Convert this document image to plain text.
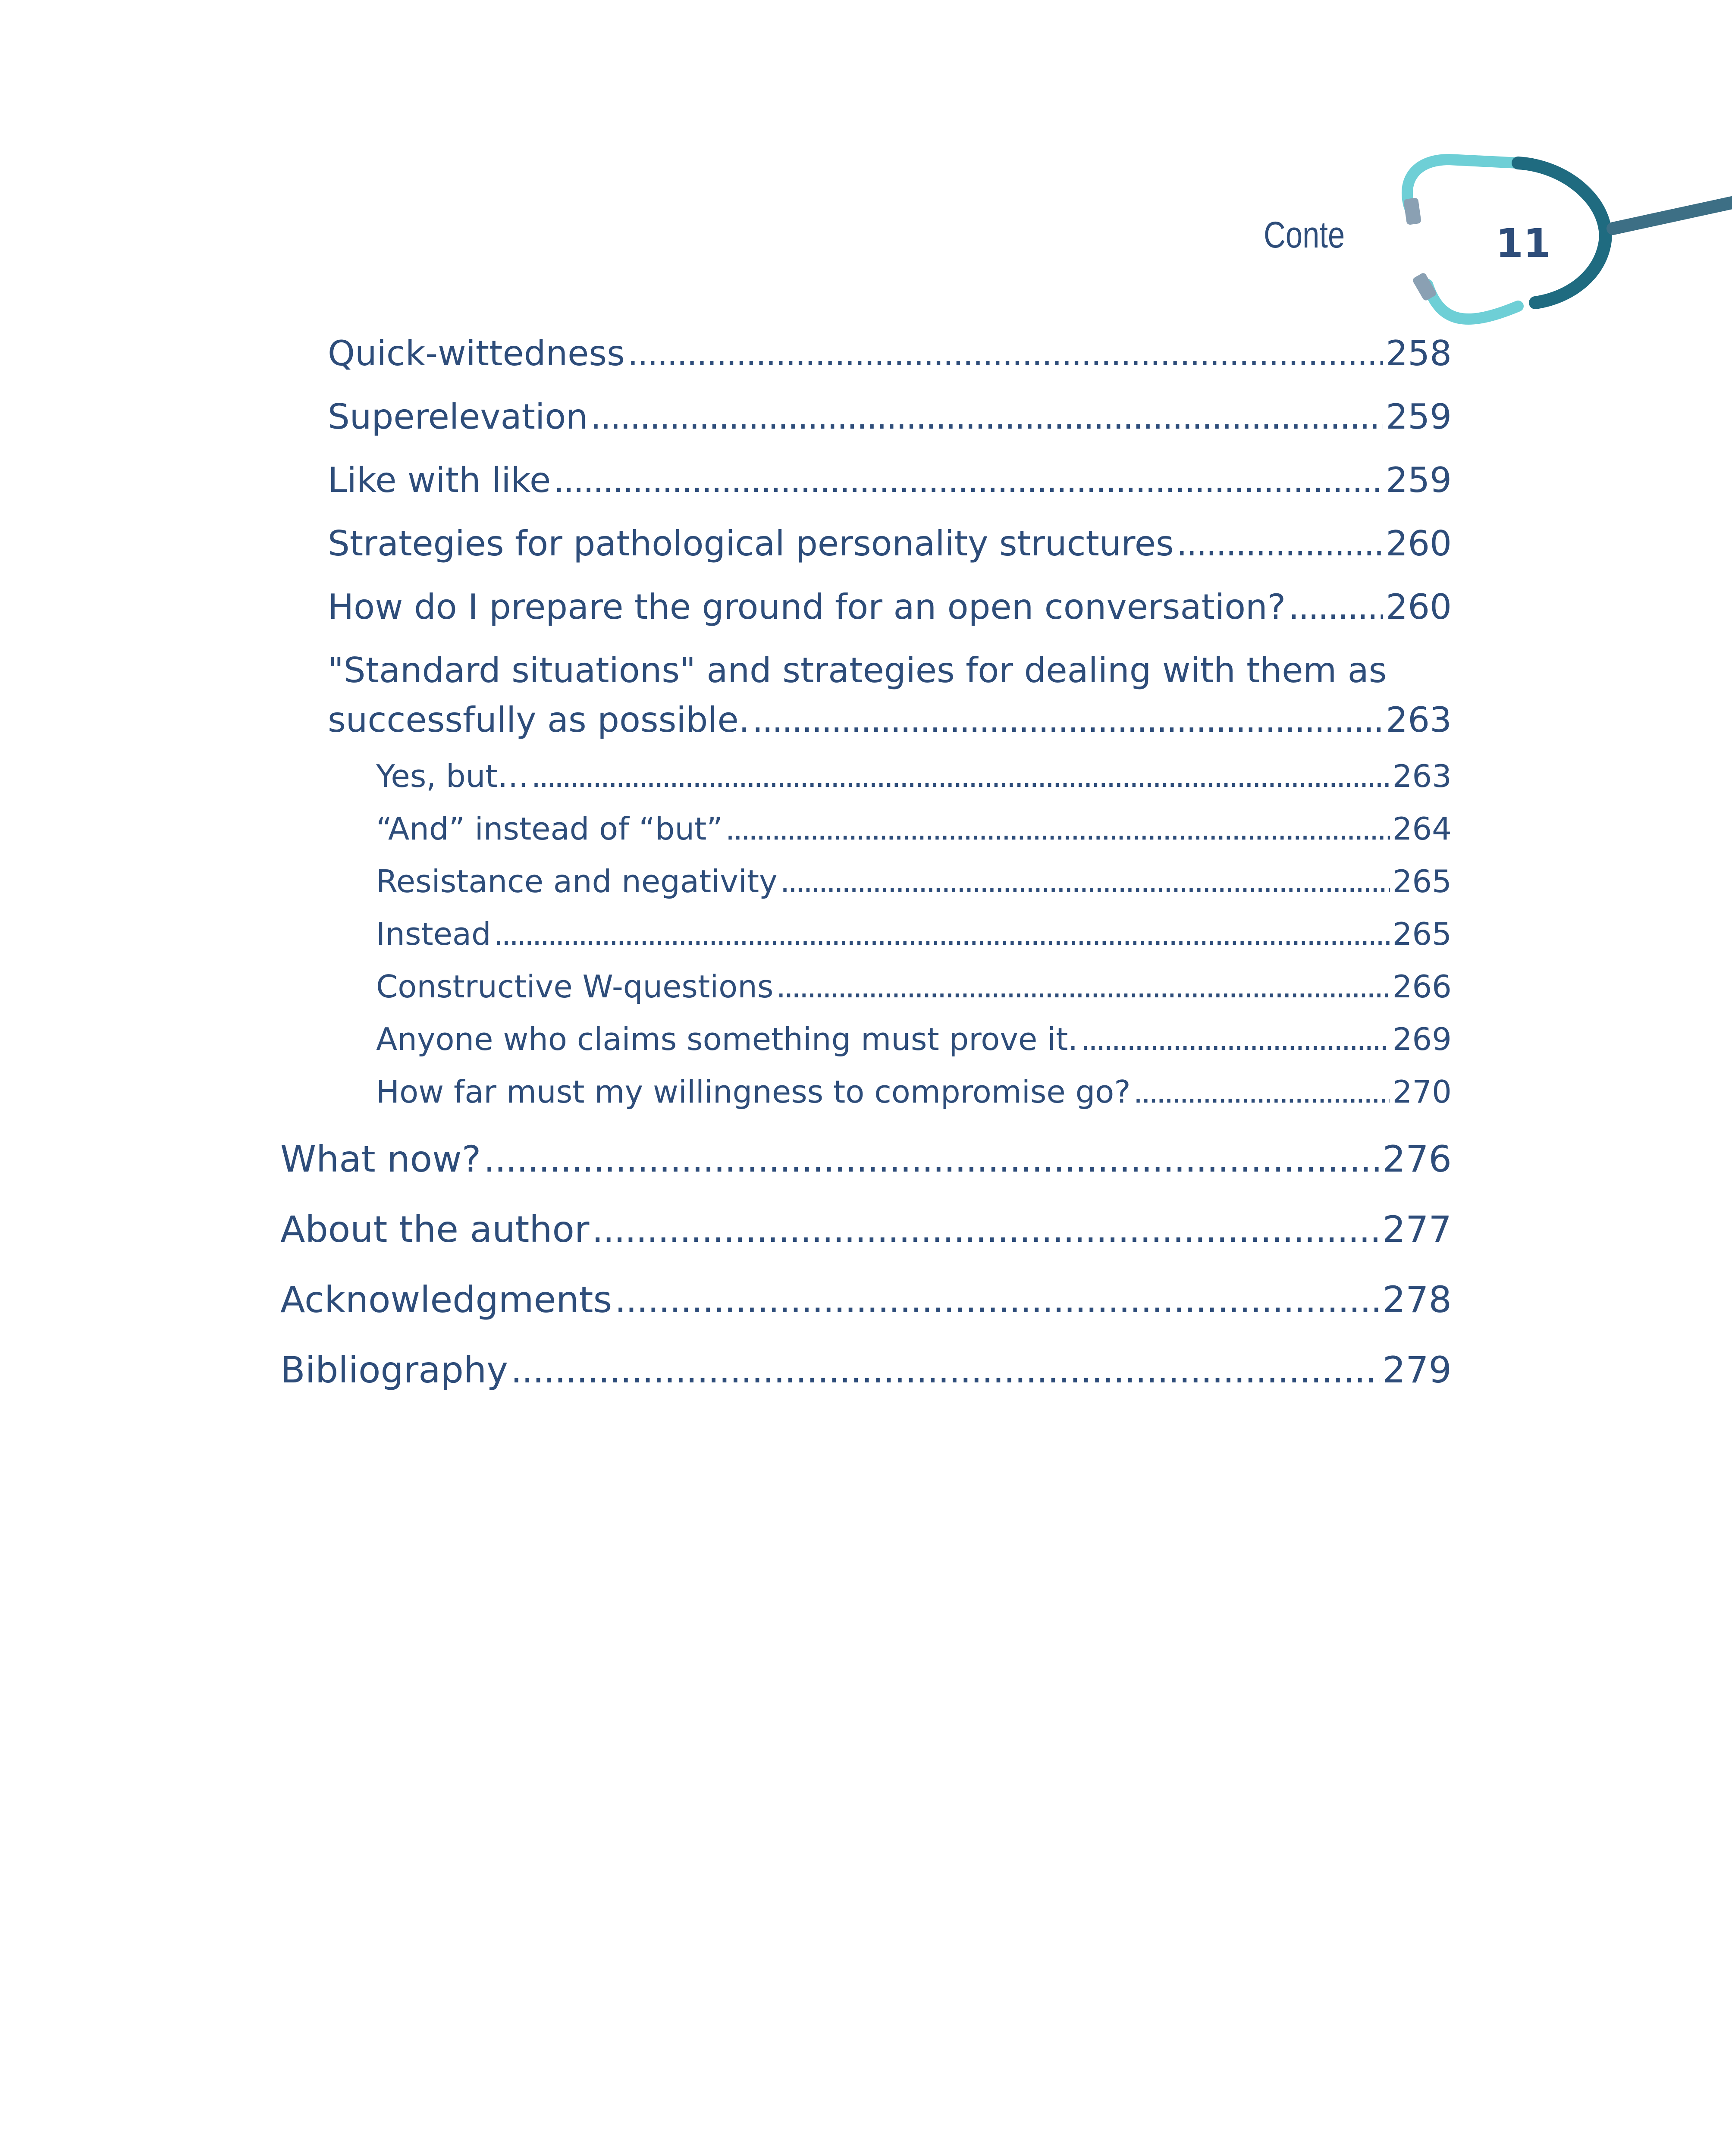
Conte	11
Quick-wittedness . . .	258
Superelevation . . .	259
Like with like . . .	259
Strategies for pathological personality structures . . .	260
How do I prepare the ground for an open conversation? . . .	260
"Standard situations" and strategies for dealing with them as
successfully as possible. . . .	263
Yes, but… . . .	263
“And” instead of “but” . . .	264
Resistance and negativity . . .	265
Instead . . .	265
Constructive W-questions . . .	266
Anyone who claims something must prove it. . . .	269
How far must my willingness to compromise go? . . .	270
What now? . . .	276
About the author . . .	277
Acknowledgments . . .	278
Bibliography . . .	279
